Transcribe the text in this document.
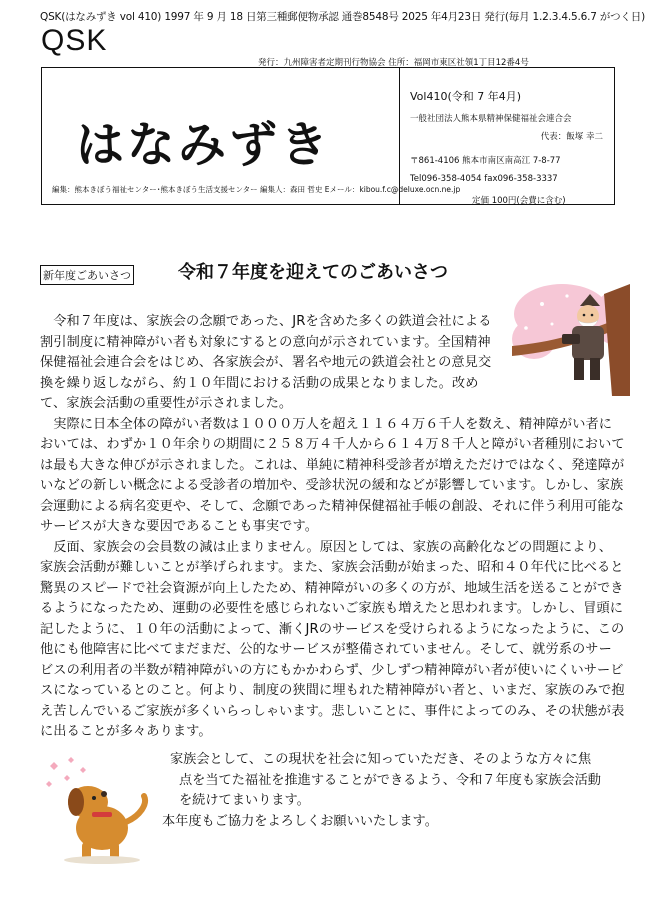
QSK(はなみずき vol 410) 1997 年 9 月 18 日第三種郵便物承認 通巻8548号 2025 年4月23日 発行(毎月 1.2.3.4.5.6.7 がつく日)
QSK
発行：九州障害者定期刊行物協会 住所：福岡市東区社領1丁目12番4号
はなみずき
編集：熊本きぼう福祉センター･熊本きぼう生活支援センター 編集人：森田 哲史 Eメール：kibou.f.c@deluxe.ocn.ne.jp
Vol410(令和 7 年4月)
一般社団法人熊本県精神保健福祉会連合会
代表：飯塚 幸二
〒861-4106 熊本市南区南高江 7-8-77
Tel096-358-4054 fax096-358-3337
定価 100円(会費に含む)
新年度ごあいさつ	令和７年度を迎えてのごあいさつ

令和７年度は、家族会の念願であった、JRを含めた多くの鉄道会社による割引制度に精神障がい者も対象にするとの意向が示されています。全国精神保健福祉会連合会をはじめ、各家族会が、署名や地元の鉄道会社との意見交換を繰り返しながら、約１０年間における活動の成果となりました。改めて、家族会活動の重要性が示されました。

実際に日本全体の障がい者数は１０００万人を超え１１６４万６千人を数え、精神障がい者においては、わずか１０年余りの期間に２５８万４千人から６１４万８千人と障がい者種別においては最も大きな伸びが示されました。これは、単純に精神科受診者が増えただけではなく、発達障がいなどの新しい概念による受診者の増加や、受診状況の緩和などが影響しています。しかし、家族会運動による病名変更や、そして、念願であった精神保健福祉手帳の創設、それに伴う利用可能なサービスが大きな要因であることも事実です。

反面、家族会の会員数の減は止まりません。原因としては、家族の高齢化などの問題により、家族会活動が難しいことが挙げられます。また、家族会活動が始まった、昭和４０年代に比べると驚異のスピードで社会資源が向上したため、精神障がいの多くの方が、地域生活を送ることができるようになったため、運動の必要性を感じられないご家族も増えたと思われます。しかし、冒頭に記したように、１０年の活動によって、漸くJRのサービスを受けられるようになったように、この他にも他障害に比べてまだまだ、公的なサービスが整備されていません。そして、就労系のサービスの利用者の半数が精神障がいの方にもかかわらず、少しずつ精神障がい者が使いにくいサービスになっているとのこと。何より、制度の狭間に埋もれた精神障がい者と、いまだ、家族のみで抱え苦しんでいるご家族が多くいらっしゃいます。悲しいことに、事件によってのみ、その状態が表に出ることが多々あります。

家族会として、この現状を社会に知っていただき、そのような方々に焦

点を当てた福祉を推進することができるよう、令和７年度も家族会活動

を続けてまいります。

本年度もご協力をよろしくお願いいたします。
